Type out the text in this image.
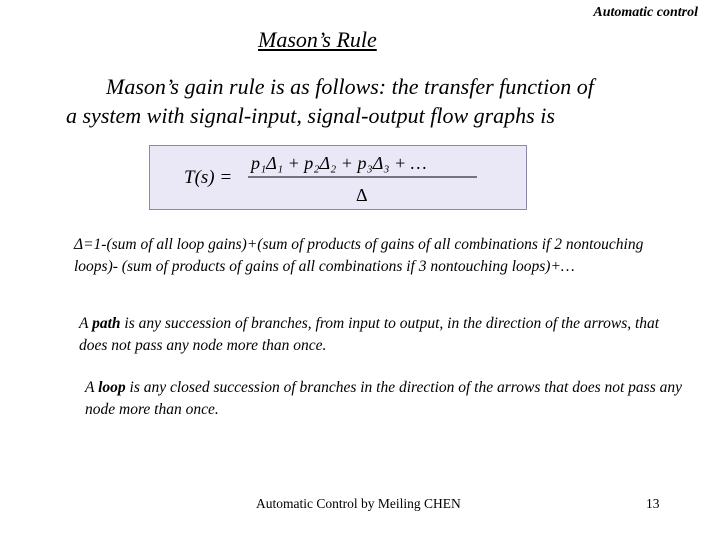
Automatic control
Mason’s Rule
Mason’s gain rule is as follows: the transfer function of
a system with signal-input, signal-output flow graphs is
T(s) =
p₁Δ₁ + p₂Δ₂ + p₃Δ₃ + …
Δ
Δ=1-(sum of all loop gains)+(sum of products of gains of all combinations if 2 nontouching loops)- (sum of products of gains of all combinations if 3 nontouching loops)+…
A path is any succession of branches, from input to output, in the direction of the arrows, that does not pass any node more than once.
A loop is any closed succession of branches in the direction of the arrows that does not pass any node more than once.
Automatic Control by Meiling CHEN	13
